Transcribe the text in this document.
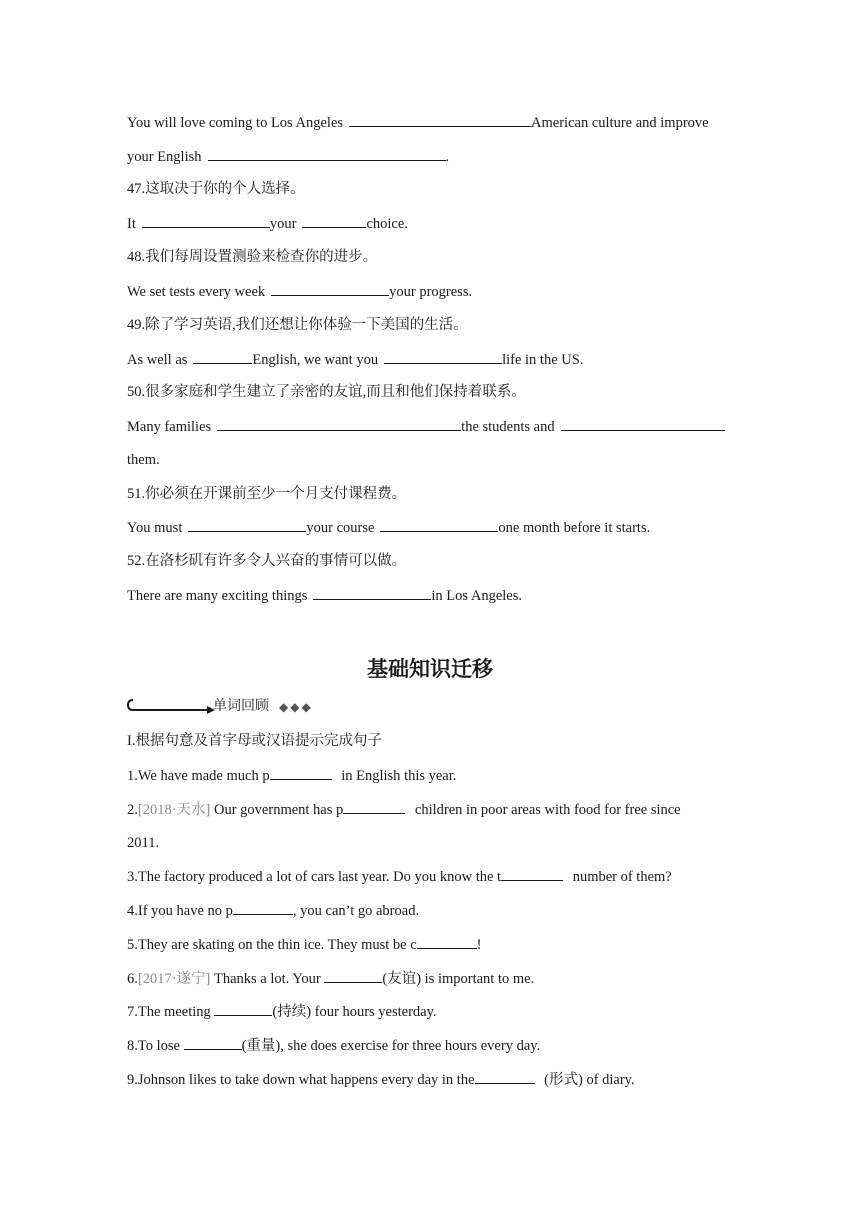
You will love coming to Los Angeles	American culture and improve
your English	.
47.这取决于你的个人选择。
It	your	choice.
48.我们每周设置测验来检查你的进步。
We set tests every week	your progress.
49.除了学习英语,我们还想让你体验一下美国的生活。
As well as	English, we want you	life in the US.
50.很多家庭和学生建立了亲密的友谊,而且和他们保持着联系。
Many families	the students and
them.
51.你必须在开课前至少一个月支付课程费。
You must	your course	one month before it starts.
52.在洛杉矶有许多令人兴奋的事情可以做。
There are many exciting things	in Los Angeles.
基础知识迁移
单词回顾 ◆◆◆
I.根据句意及首字母或汉语提示完成句子
1.We have made much p	in English this year.
2.[2018·天水] Our government has p	children in poor areas with food for free since
2011.
3.The factory produced a lot of cars last year. Do you know the t	number of them?
4.If you have no p	, you can’t go abroad.
5.They are skating on the thin ice. They must be c	!
6.[2017·遂宁] Thanks a lot. Your	(友谊) is important to me.
7.The meeting	(持续) four hours yesterday.
8.To lose	(重量), she does exercise for three hours every day.
9.Johnson likes to take down what happens every day in the	(形式) of diary.
